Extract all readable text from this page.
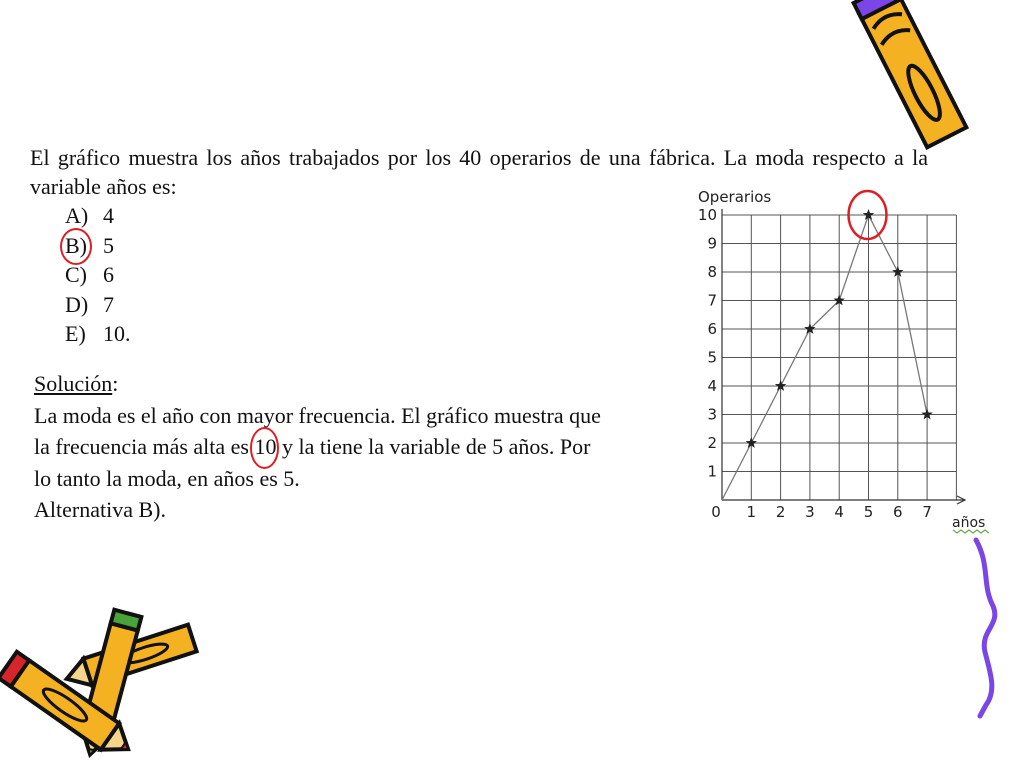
El gráfico muestra los años trabajados por los 40 operarios de una fábrica. La moda respecto a la variable años es:

A) 4
B) 5
C) 6
D) 7
E) 10.

Solución:

La moda es el año con mayor frecuencia. El gráfico muestra que

la frecuencia más alta es 10 y la tiene la variable de 5 años. Por

lo tanto la moda, en años es 5.

Alternativa B).	0 1 2 3 4 5 6 7
1
2
3
4
5
6
7
8
9
10
Operarios
años
